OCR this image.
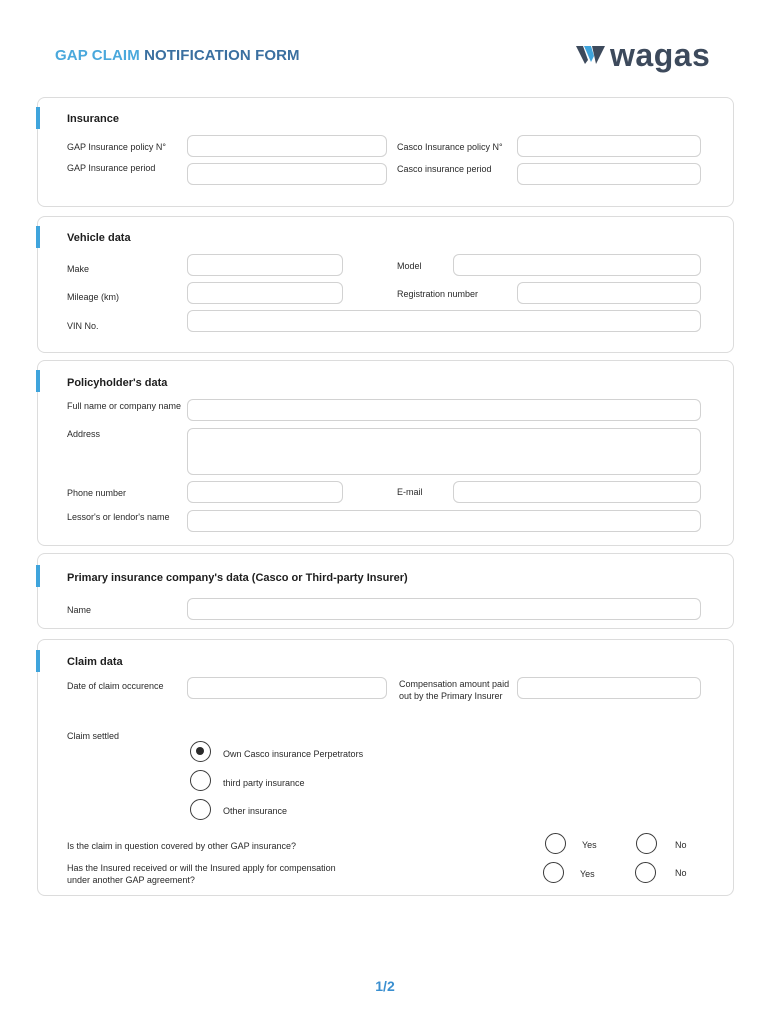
GAP CLAIM NOTIFICATION FORM	wagas
Insurance
GAP Insurance policy N°	Casco Insurance policy N°
GAP Insurance period	Casco insurance period
Vehicle data
Make	Model
Mileage (km)	Registration number
VIN No.
Policyholder's data
Full name or company name
Address
Phone number	E-mail
Lessor's or lendor's name
Primary insurance company's data (Casco or Third-party Insurer)
Name
Claim data
Date of claim occurence	Compensation amount paid out by the Primary Insurer
Claim settled
Own Casco insurance Perpetrators
third party insurance
Other insurance
Is the claim in question covered by other GAP insurance?	Yes	No
Has the Insured received or will the Insured apply for compensation under another GAP agreement?
Yes	No
1/2
